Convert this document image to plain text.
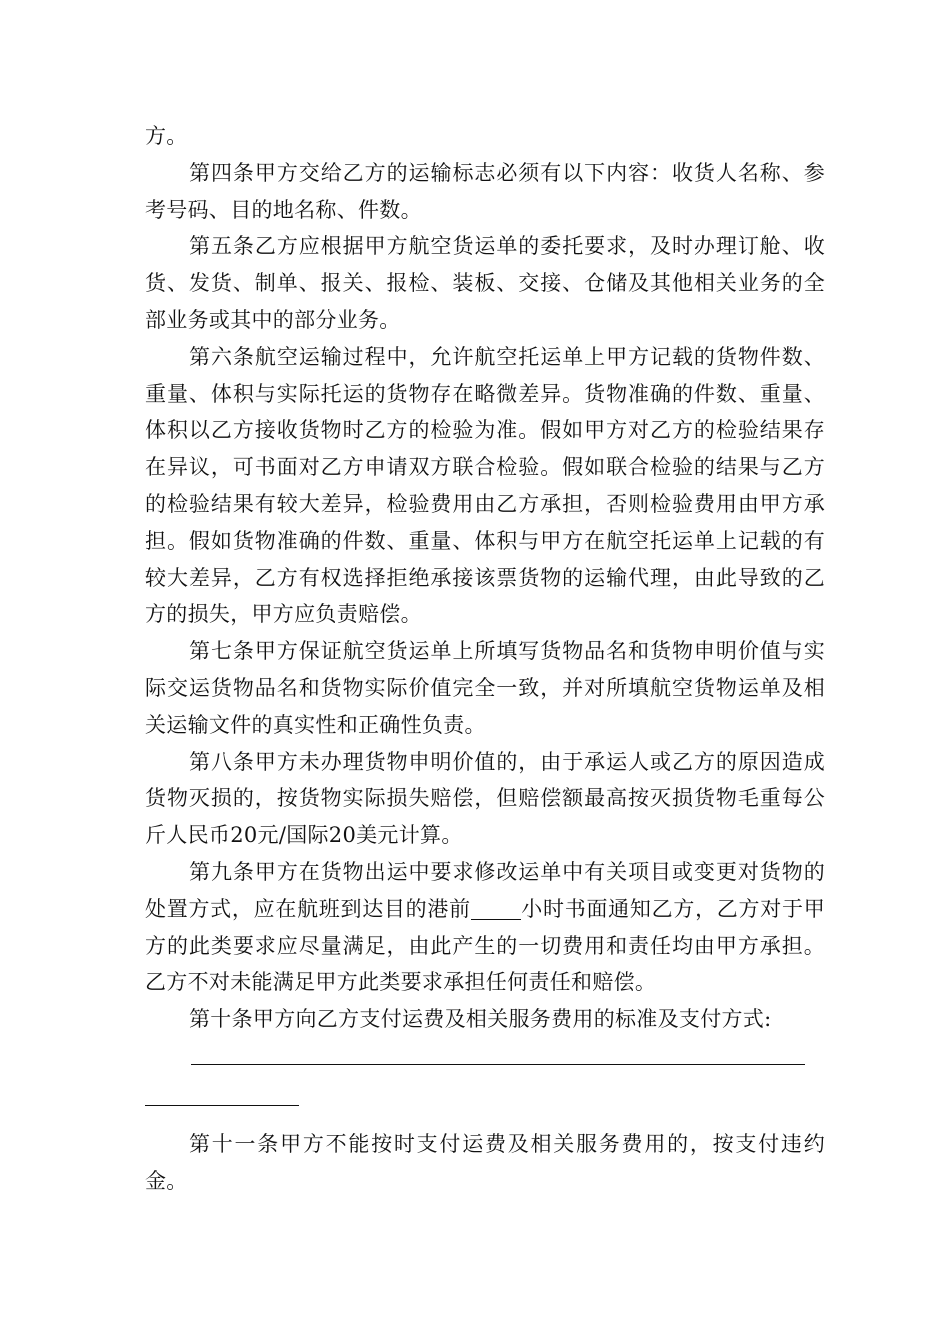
方。

第四条甲方交给乙方的运输标志必须有以下内容：收货人名称、参考号码、目的地名称、件数。

第五条乙方应根据甲方航空货运单的委托要求，及时办理订舱、收货、发货、制单、报关、报检、装板、交接、仓储及其他相关业务的全部业务或其中的部分业务。

第六条航空运输过程中，允许航空托运单上甲方记载的货物件数、重量、体积与实际托运的货物存在略微差异。货物准确的件数、重量、体积以乙方接收货物时乙方的检验为准。假如甲方对乙方的检验结果存在异议，可书面对乙方申请双方联合检验。假如联合检验的结果与乙方的检验结果有较大差异，检验费用由乙方承担，否则检验费用由甲方承担。假如货物准确的件数、重量、体积与甲方在航空托运单上记载的有较大差异，乙方有权选择拒绝承接该票货物的运输代理，由此导致的乙方的损失，甲方应负责赔偿。

第七条甲方保证航空货运单上所填写货物品名和货物申明价值与实际交运货物品名和货物实际价值完全一致，并对所填航空货物运单及相关运输文件的真实性和正确性负责。

第八条甲方未办理货物申明价值的，由于承运人或乙方的原因造成货物灭损的，按货物实际损失赔偿，但赔偿额最高按灭损货物毛重每公斤人民币20元/国际20美元计算。

第九条甲方在货物出运中要求修改运单中有关项目或变更对货物的处置方式，应在航班到达目的港前 小时书面通知乙方，乙方对于甲方的此类要求应尽量满足，由此产生的一切费用和责任均由甲方承担。乙方不对未能满足甲方此类要求承担任何责任和赔偿。

第十条甲方向乙方支付运费及相关服务费用的标准及支付方式:

第十一条甲方不能按时支付运费及相关服务费用的，按支付违约金。
